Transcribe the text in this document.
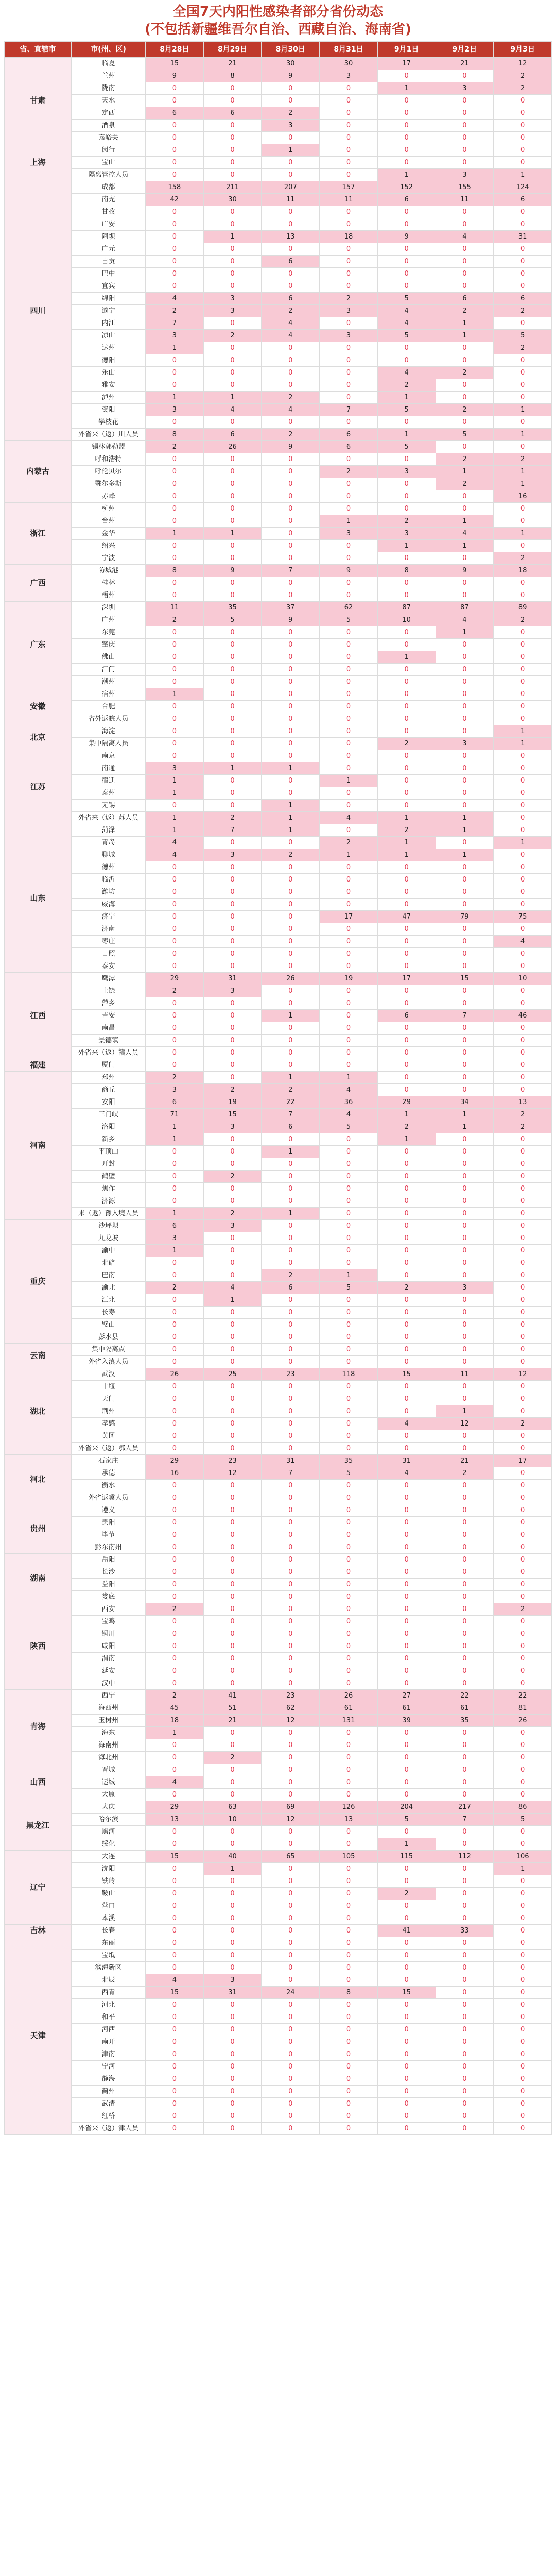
全国7天内阳性感染者部分省份动态
(不包括新疆维吾尔自治、西藏自治、海南省)
省、直辖市	市(州、区)	8月28日	8月29日	8月30日	8月31日	9月1日	9月2日	9月3日
甘肃	临夏	15	21	30	30	17	21	12
	兰州	9	8	9	3	0	0	2
	陇南	0	0	0	0	1	3	2
	天水	0	0	0	0	0	0	0
	定西	6	6	2	0	0	0	0
	酒泉	0	0	3	0	0	0	0
	嘉峪关	0	0	0	0	0	0	0
上海	闵行	0	0	1	0	0	0	0
	宝山	0	0	0	0	0	0	0
	隔离管控人员	0	0	0	0	1	3	1
四川	成都	158	211	207	157	152	155	124
	南充	42	30	11	11	6	11	6
	甘孜	0	0	0	0	0	0	0
	广安	0	0	0	0	0	0	0
	阿坝	0	1	13	18	9	4	31
	广元	0	0	0	0	0	0	0
	自贡	0	0	6	0	0	0	0
	巴中	0	0	0	0	0	0	0
	宜宾	0	0	0	0	0	0	0
	绵阳	4	3	6	2	5	6	6
	遂宁	2	3	2	3	4	2	2
	内江	7	0	4	0	4	1	0
	凉山	3	2	4	3	5	1	5
	达州	1	0	0	0	0	0	2
	德阳	0	0	0	0	0	0	0
	乐山	0	0	0	0	4	2	0
	雅安	0	0	0	0	2	0	0
	泸州	1	1	2	0	1	0	0
	资阳	3	4	4	7	5	2	1
	攀枝花	0	0	0	0	0	0	0
	外省来（返）川人员	8	6	2	6	1	5	1
内蒙古	锡林郭勒盟	2	26	9	6	5	0	0
	呼和浩特	0	0	0	0	0	2	2
	呼伦贝尔	0	0	0	2	3	1	1
	鄂尔多斯	0	0	0	0	0	2	1
	赤峰	0	0	0	0	0	0	16
浙江	杭州	0	0	0	0	0	0	0
	台州	0	0	0	1	2	1	0
	金华	1	1	0	3	3	4	1
	绍兴	0	0	0	0	1	1	0
	宁波	0	0	0	0	0	0	2
广西	防城港	8	9	7	9	8	9	18
	桂林	0	0	0	0	0	0	0
	梧州	0	0	0	0	0	0	0
广东	深圳	11	35	37	62	87	87	89
	广州	2	5	9	5	10	4	2
	东莞	0	0	0	0	0	1	0
	肇庆	0	0	0	0	0	0	0
	佛山	0	0	0	0	1	0	0
	江门	0	0	0	0	0	0	0
	潮州	0	0	0	0	0	0	0
安徽	宿州	1	0	0	0	0	0	0
	合肥	0	0	0	0	0	0	0
	省外返皖人员	0	0	0	0	0	0	0
北京	海淀	0	0	0	0	0	0	1
	集中隔离人员	0	0	0	0	2	3	1
江苏	南京	0	0	0	0	0	0	0
	南通	3	1	1	0	0	0	0
	宿迁	1	0	0	1	0	0	0
	泰州	1	0	0	0	0	0	0
	无锡	0	0	1	0	0	0	0
	外省来（返）苏人员	1	2	1	4	1	1	0
山东	菏泽	1	7	1	0	2	1	0
	青岛	4	0	0	2	1	0	1
	聊城	4	3	2	1	1	1	0
	德州	0	0	0	0	0	0	0
	临沂	0	0	0	0	0	0	0
	潍坊	0	0	0	0	0	0	0
	威海	0	0	0	0	0	0	0
	济宁	0	0	0	17	47	79	75
	济南	0	0	0	0	0	0	0
	枣庄	0	0	0	0	0	0	4
	日照	0	0	0	0	0	0	0
	泰安	0	0	0	0	0	0	0
江西	鹰潭	29	31	26	19	17	15	10
	上饶	2	3	0	0	0	0	0
	萍乡	0	0	0	0	0	0	0
	吉安	0	0	1	0	6	7	46
	南昌	0	0	0	0	0	0	0
	景德镇	0	0	0	0	0	0	0
	外省来（返）赣人员	0	0	0	0	0	0	0
福建	厦门	0	0	0	0	0	0	0
河南	郑州	2	0	1	1	0	0	0
	商丘	3	2	2	4	0	0	0
	安阳	6	19	22	36	29	34	13
	三门峡	71	15	7	4	1	1	2
	洛阳	1	3	6	5	2	1	2
	新乡	1	0	0	0	1	0	0
	平顶山	0	0	1	0	0	0	0
	开封	0	0	0	0	0	0	0
	鹤壁	0	2	0	0	0	0	0
	焦作	0	0	0	0	0	0	0
	济源	0	0	0	0	0	0	0
	来（返）豫入境人员	1	2	1	0	0	0	0
重庆	沙坪坝	6	3	0	0	0	0	0
	九龙坡	3	0	0	0	0	0	0
	渝中	1	0	0	0	0	0	0
	北碚	0	0	0	0	0	0	0
	巴南	0	0	2	1	0	0	0
	渝北	2	4	6	5	2	3	0
	江北	0	1	0	0	0	0	0
	长寿	0	0	0	0	0	0	0
	璧山	0	0	0	0	0	0	0
	彭水县	0	0	0	0	0	0	0
云南	集中隔离点	0	0	0	0	0	0	0
	外省入滇人员	0	0	0	0	0	0	0
湖北	武汉	26	25	23	118	15	11	12
	十堰	0	0	0	0	0	0	0
	天门	0	0	0	0	0	0	0
	荆州	0	0	0	0	0	1	0
	孝感	0	0	0	0	4	12	2
	黄冈	0	0	0	0	0	0	0
	外省来（返）鄂人员	0	0	0	0	0	0	0
河北	石家庄	29	23	31	35	31	21	17
	承德	16	12	7	5	4	2	0
	衡水	0	0	0	0	0	0	0
	外省返冀人员	0	0	0	0	0	0	0
贵州	遵义	0	0	0	0	0	0	0
	贵阳	0	0	0	0	0	0	0
	毕节	0	0	0	0	0	0	0
	黔东南州	0	0	0	0	0	0	0
湖南	岳阳	0	0	0	0	0	0	0
	长沙	0	0	0	0	0	0	0
	益阳	0	0	0	0	0	0	0
	娄底	0	0	0	0	0	0	0
陕西	西安	2	0	0	0	0	0	2
	宝鸡	0	0	0	0	0	0	0
	铜川	0	0	0	0	0	0	0
	咸阳	0	0	0	0	0	0	0
	渭南	0	0	0	0	0	0	0
	延安	0	0	0	0	0	0	0
	汉中	0	0	0	0	0	0	0
青海	西宁	2	41	23	26	27	22	22
	海西州	45	51	62	61	61	61	81
	玉树州	18	21	12	131	39	35	26
	海东	1	0	0	0	0	0	0
	海南州	0	0	0	0	0	0	0
	海北州	0	2	0	0	0	0	0
山西	晋城	0	0	0	0	0	0	0
	运城	4	0	0	0	0	0	0
	大原	0	0	0	0	0	0	0
黑龙江	大庆	29	63	69	126	204	217	86
	哈尔滨	13	10	12	13	5	7	5
	黑河	0	0	0	0	0	0	0
	绥化	0	0	0	0	1	0	0
辽宁	大连	15	40	65	105	115	112	106
	沈阳	0	1	0	0	0	0	1
	铁岭	0	0	0	0	0	0	0
	鞍山	0	0	0	0	2	0	0
	营口	0	0	0	0	0	0	0
	本溪	0	0	0	0	0	0	0
吉林	长春	0	0	0	0	41	33	0
天津	东丽	0	0	0	0	0	0	0
	宝坻	0	0	0	0	0	0	0
	滨海新区	0	0	0	0	0	0	0
	北辰	4	3	0	0	0	0	0
	西青	15	31	24	8	15	0	0
	河北	0	0	0	0	0	0	0
	和平	0	0	0	0	0	0	0
	河西	0	0	0	0	0	0	0
	南开	0	0	0	0	0	0	0
	津南	0	0	0	0	0	0	0
	宁河	0	0	0	0	0	0	0
	静海	0	0	0	0	0	0	0
	蓟州	0	0	0	0	0	0	0
	武清	0	0	0	0	0	0	0
	红桥	0	0	0	0	0	0	0
	外省来（返）津人员	0	0	0	0	0	0	0
